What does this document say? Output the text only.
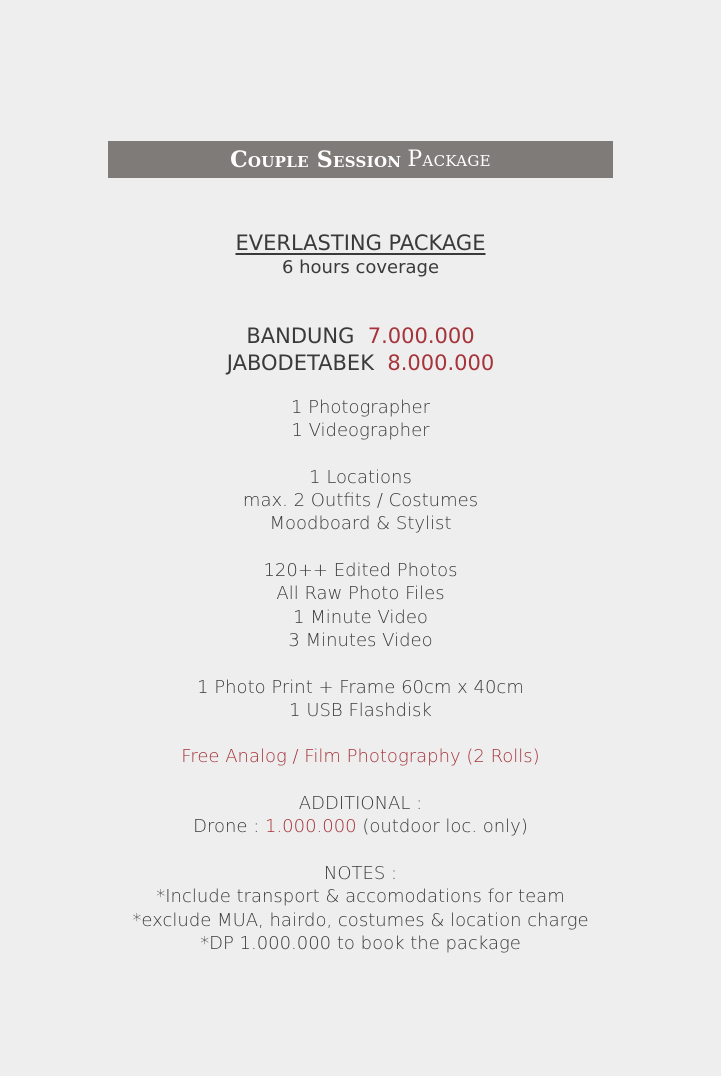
Couple Session Package
EVERLASTING PACKAGE
6 hours coverage
BANDUNG 7.000.000
JABODETABEK 8.000.000
1 Photographer
1 Videographer
1 Locations
max. 2 Outfits / Costumes
Moodboard & Stylist
120++ Edited Photos
All Raw Photo Files
1 Minute Video
3 Minutes Video
1 Photo Print + Frame 60cm x 40cm
1 USB Flashdisk
Free Analog / Film Photography (2 Rolls)
ADDITIONAL :
Drone : 1.000.000 (outdoor loc. only)
NOTES :
*Include transport & accomodations for team
*exclude MUA, hairdo, costumes & location charge
*DP 1.000.000 to book the package
